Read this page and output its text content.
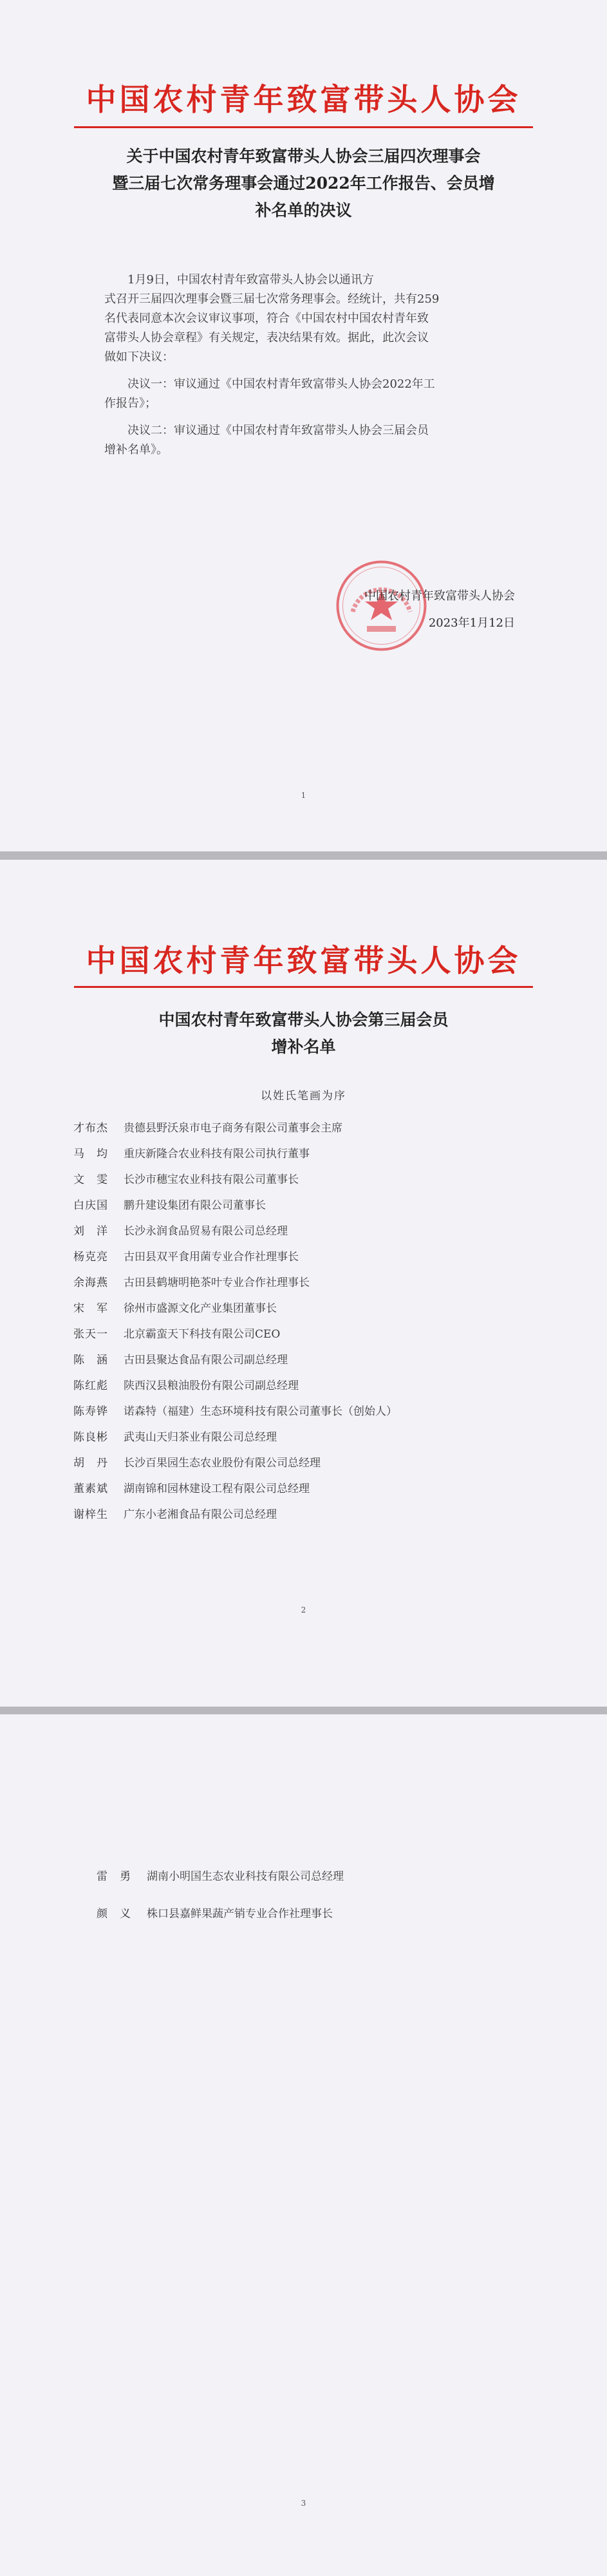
中国农村青年致富带头人协会
关于中国农村青年致富带头人协会三届四次理事会
暨三届七次常务理事会通过2022年工作报告、会员增
补名单的决议
1月9日，中国农村青年致富带头人协会以通讯方
式召开三届四次理事会暨三届七次常务理事会。经统计，共有259
名代表同意本次会议审议事项，符合《中国农村中国农村青年致
富带头人协会章程》有关规定，表决结果有效。据此，此次会议
做如下决议：
决议一：审议通过《中国农村青年致富带头人协会2022年工
作报告》；
决议二：审议通过《中国农村青年致富带头人协会三届会员
增补名单》。
中国农村青年致富带头人协会
2023年1月12日
1
中国农村青年致富带头人协会
中国农村青年致富带头人协会第三届会员
增补名单
以姓氏笔画为序
才布杰	贵德县野沃泉市电子商务有限公司董事会主席
马　均	重庆新隆合农业科技有限公司执行董事
文　雯	长沙市穗宝农业科技有限公司董事长
白庆国	鹏升建设集团有限公司董事长
刘　洋	长沙永润食品贸易有限公司总经理
杨克亮	古田县双平食用菌专业合作社理事长
余海燕	古田县鹤塘明艳茶叶专业合作社理事长
宋　军	徐州市盛源文化产业集团董事长
张天一	北京霸蛮天下科技有限公司CEO
陈　涵	古田县聚达食品有限公司副总经理
陈红彪	陕西汉县粮油股份有限公司副总经理
陈寿铧	诺森特（福建）生态环境科技有限公司董事长（创始人）
陈良彬	武夷山天归茶业有限公司总经理
胡　丹	长沙百果园生态农业股份有限公司总经理
董素斌	湖南锦和园林建设工程有限公司总经理
谢梓生	广东小老湘食品有限公司总经理
2
雷　勇	湖南小明国生态农业科技有限公司总经理
颜　义	株口县嘉鲜果蔬产销专业合作社理事长
3
